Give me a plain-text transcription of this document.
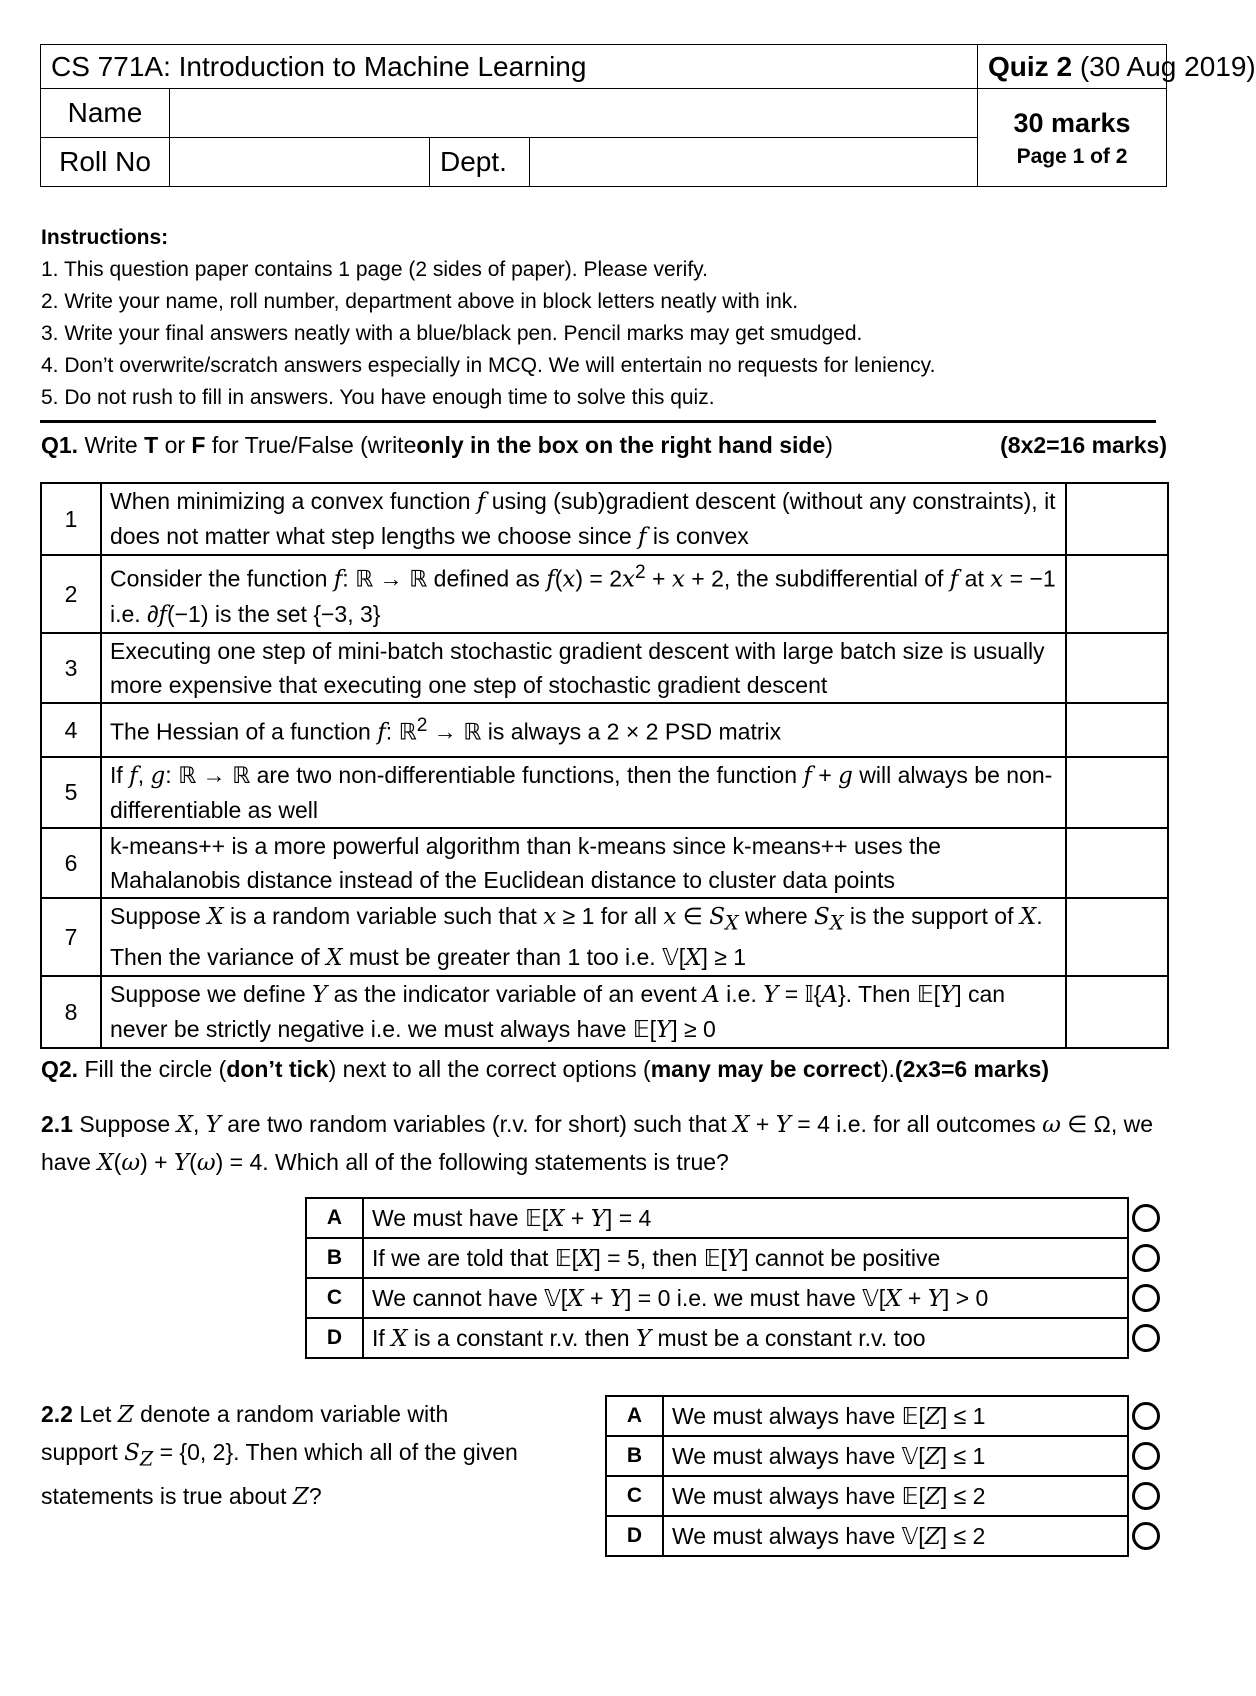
CS 771A: Introduction to Machine Learning				Quiz 2 (30 Aug 2019)
Name				30 marks
Page 1 of 2

Roll No		Dept.		
Instructions:
1. This question paper contains 1 page (2 sides of paper). Please verify.
2. Write your name, roll number, department above in block letters neatly with ink.
3. Write your final answers neatly with a blue/black pen. Pencil marks may get smudged.
4. Don’t overwrite/scratch answers especially in MCQ. We will entertain no requests for leniency.
5. Do not rush to fill in answers. You have enough time to solve this quiz.
Q1. Write T or F for True/False (writeonly in the box on the right hand side)	(8x2=16 marks)
1	When minimizing a convex function f using (sub)gradient descent (without any constraints), it does not matter what step lengths we choose since f is convex	
2	Consider the function f: ℝ → ℝ defined as $f(x) = 2x^2 + x + 2$, the subdifferential of f at x = −1 i.e. ∂f(−1) is the set {−3, 3}	
3	Executing one step of mini-batch stochastic gradient descent with large batch size is usually more expensive that executing one step of stochastic gradient descent	
4	The Hessian of a function f: ℝ$^2$ → ℝ is always a 2 × 2 PSD matrix	
5	If f, g: ℝ → ℝ are two non-differentiable functions, then the function f + g will always be non-differentiable as well	
6	k-means++ is a more powerful algorithm than k-means since k-means++ uses the Mahalanobis distance instead of the Euclidean distance to cluster data points	
7	Suppose X is a random variable such that x ≥ 1 for all x ∈ $S_X$ where $S_X$ is the support of X. Then the variance of X must be greater than 1 too i.e. 𝕍[X] ≥ 1	
8	Suppose we define Y as the indicator variable of an event A i.e. Y = 𝕀{A}. Then 𝔼[Y] can never be strictly negative i.e. we must always have 𝔼[Y] ≥ 0	
Q2. Fill the circle (don’t tick) next to all the correct options (many may be correct).(2x3=6 marks)
2.1 Suppose X, Y are two random variables (r.v. for short) such that X + Y = 4 i.e. for all outcomes ω ∈ Ω, we have X(ω) + Y(ω) = 4. Which all of the following statements is true?
A	We must have 𝔼[X + Y] = 4
B	If we are told that 𝔼[X] = 5, then 𝔼[Y] cannot be positive
C	We cannot have 𝕍[X + Y] = 0 i.e. we must have 𝕍[X + Y] > 0
D	If X is a constant r.v. then Y must be a constant r.v. too
2.2 Let Z denote a random variable with support $S_Z = \{0$, 2}. Then which all of the given statements is true about Z?
A	We must always have 𝔼[Z] ≤ 1
B	We must always have 𝕍[Z] ≤ 1
C	We must always have 𝔼[Z] ≤ 2
D	We must always have 𝕍[Z] ≤ 2
